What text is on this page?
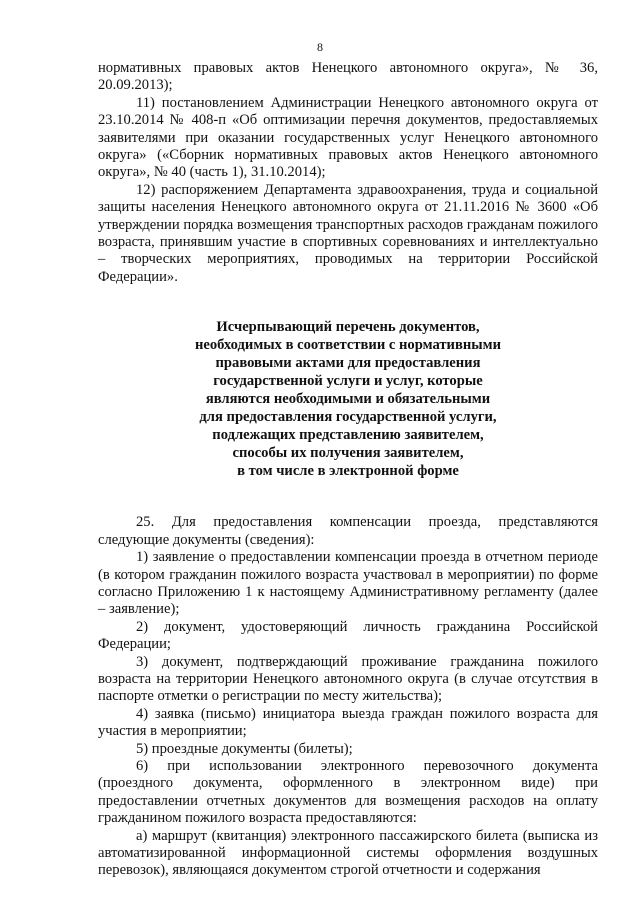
8

нормативных правовых актов Ненецкого автономного округа», № 36, 20.09.2013);

11) постановлением Администрации Ненецкого автономного округа от 23.10.2014 № 408-п «Об оптимизации перечня документов, предоставляемых заявителями при оказании государственных услуг Ненецкого автономного округа» («Сборник нормативных правовых актов Ненецкого автономного округа», № 40 (часть 1), 31.10.2014);

12) распоряжением Департамента здравоохранения, труда и социальной защиты населения Ненецкого автономного округа от 21.11.2016 № 3600 «Об утверждении порядка возмещения транспортных расходов гражданам пожилого возраста, принявшим участие в спортивных соревнованиях и интеллектуально – творческих мероприятиях, проводимых на территории Российской Федерации».

Исчерпывающий перечень документов,
необходимых в соответствии с нормативными
правовыми актами для предоставления
государственной услуги и услуг, которые
являются необходимыми и обязательными
для предоставления государственной услуги,
подлежащих представлению заявителем,
способы их получения заявителем,
в том числе в электронной форме

25. Для предоставления компенсации проезда, представляются следующие документы (сведения):

1) заявление о предоставлении компенсации проезда в отчетном периоде (в котором гражданин пожилого возраста участвовал в мероприятии) по форме согласно Приложению 1 к настоящему Административному регламенту (далее – заявление);

2) документ, удостоверяющий личность гражданина Российской Федерации;

3) документ, подтверждающий проживание гражданина пожилого возраста на территории Ненецкого автономного округа (в случае отсутствия в паспорте отметки о регистрации по месту жительства);

4) заявка (письмо) инициатора выезда граждан пожилого возраста для участия в мероприятии;

5) проездные документы (билеты);

6) при использовании электронного перевозочного документа (проездного документа, оформленного в электронном виде) при предоставлении отчетных документов для возмещения расходов на оплату гражданином пожилого возраста предоставляются:

а) маршрут (квитанция) электронного пассажирского билета (выписка из автоматизированной информационной системы оформления воздушных перевозок), являющаяся документом строгой отчетности и содержания
